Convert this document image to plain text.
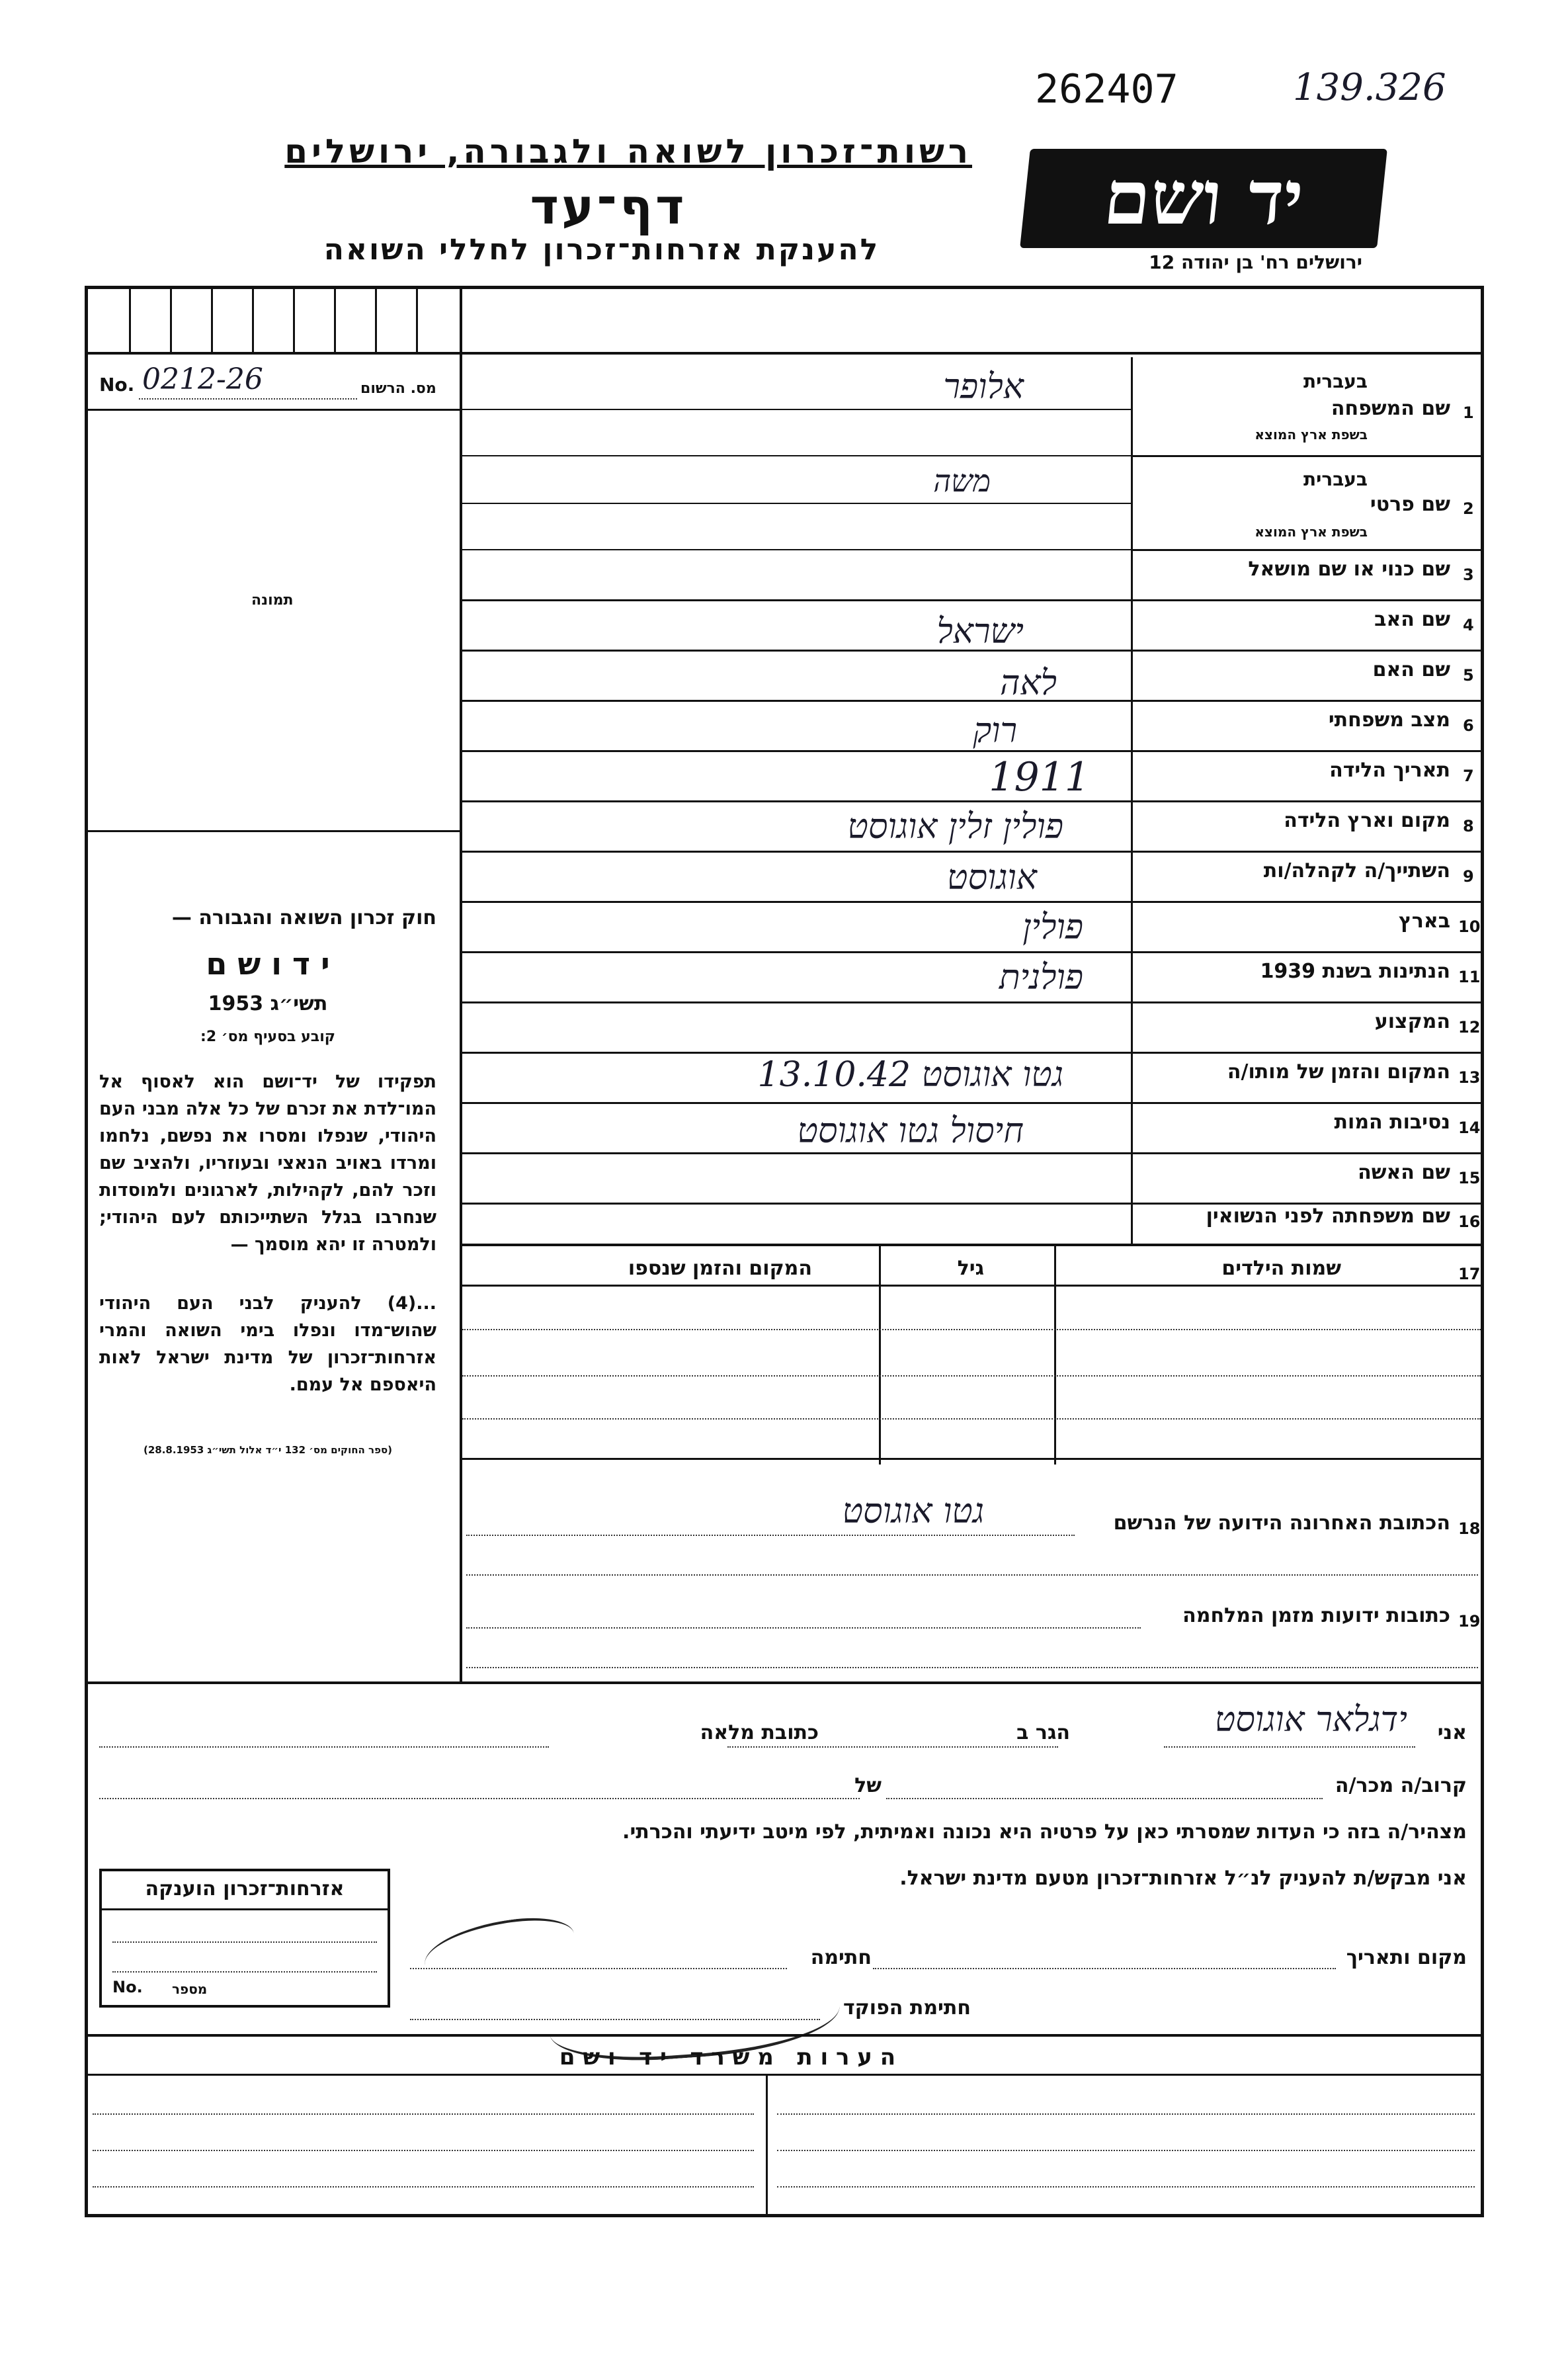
262407	139.326
רשות־זכרון לשואה ולגבורה, ירושלים
דף־עד
להענקת אזרחות־זכרון לחללי השואה
יד ושם
ירושלים רח' בן יהודה 12
No. 0212-26	מס. הרשום
תמונה
חוק זכרון השואה והגבורה —
י ד ו ש ם
תשי״ג 1953
קובע בסעיף מס׳ 2:
תפקידו של יד־ושם הוא לאסוף אל המו־לדת את זכרם של כל אלה מבני העם היהודי, שנפלו ומסרו את נפשם, נלחמו ומרדו באויב הנאצי ובעוזריו, ולהציב שם וזכר להם, לקהילות, לארגונים ולמוסדות שנחרבו בגלל השתייכותם לעם היהודי; ולמטרה זו יהא מוסמך —
...(4) להעניק לבני העם היהודי שהוש־מדו ונפלו בימי השואה והמרי אזרחות־זכרון של מדינת ישראל לאות היאספם אל עמם.
(ספר החוקים מס׳ 132 י״ד אלול תשי״ג 28.8.1953)
1
שם המשפחה
בעברית
בשפת ארץ המוצא
אלופר
2
שם פרטי
בעברית
בשפת ארץ המוצא
משה
3
שם כנוי או שם מושאל
4
שם האב
ישראל
5
שם האם
לאה
6
מצב משפחתי
רוק
7
תאריך הלידה
1911
8
מקום וארץ הלידה
פולין זלין אוגוסט
9
השתייך/ה לקהלה/ות
אוגוסט
10
בארץ
פולין
11
הנתינות בשנת 1939
פולנית
12
המקצוע
13
המקום והזמן של מותו/ה
גטו אוגוסט 13.10.42
14
נסיבות המות
חיסול גטו אוגוסט
15
שם האשה
16
שם משפחתה לפני הנשואין
17
שמות הילדים
גיל
המקום והזמן שנספו
18
הכתובת האחרונה הידועה של הנרשם
גטו אוגוסט
19
כתובות ידועות מזמן המלחמה
אני
ידגלאר אוגוסט
הגר ב
כתובת מלאה
קרוב/ה מכר/ה
של
מצהיר/ה בזה כי העדות שמסרתי כאן על פרטיה היא נכונה ואמיתית, לפי מיטב ידיעתי והכרתי.
אני מבקש/ת להעניק לנ״ל אזרחות־זכרון מטעם מדינת ישראל.
אזרחות־זכרון הוענקה
No. מספר
מקום ותאריך
חתימה
חתימת הפוקד
ה ע ר ו ת   מ ש ר ד   י ד   ו ש ם
